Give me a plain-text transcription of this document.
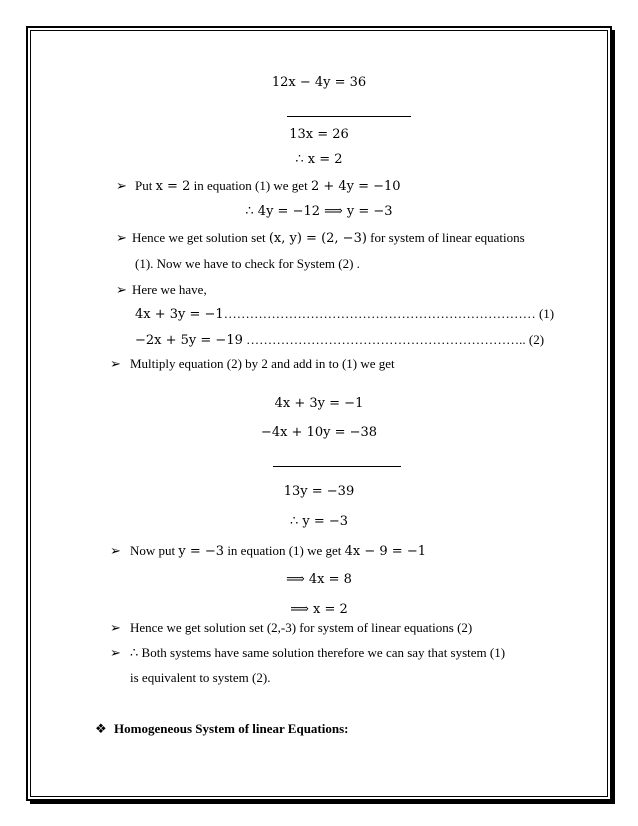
12x − 4y = 36
13x = 26
∴ x = 2
➢ Put x = 2 in equation (1) we get 2 + 4y = −10
∴ 4y = −12 ⟹ y = −3
➢ Hence we get solution set (x, y) = (2, −3) for system of linear equations
(1). Now we have to check for System (2) .
➢ Here we have,
4x + 3y = −1……………………………………………………………… (1)
−2x + 5y = −19 ……………………………………………………….. (2)
➢ Multiply equation (2) by 2 and add in to (1) we get
4x + 3y = −1
−4x + 10y = −38
13y = −39
∴ y = −3
➢ Now put y = −3 in equation (1) we get 4x − 9 = −1
⟹ 4x = 8
⟹ x = 2
➢ Hence we get solution set (2,-3) for system of linear equations (2)
➢ ∴ Both systems have same solution therefore we can say that system (1)
is equivalent to system (2).
❖ Homogeneous System of linear Equations:
